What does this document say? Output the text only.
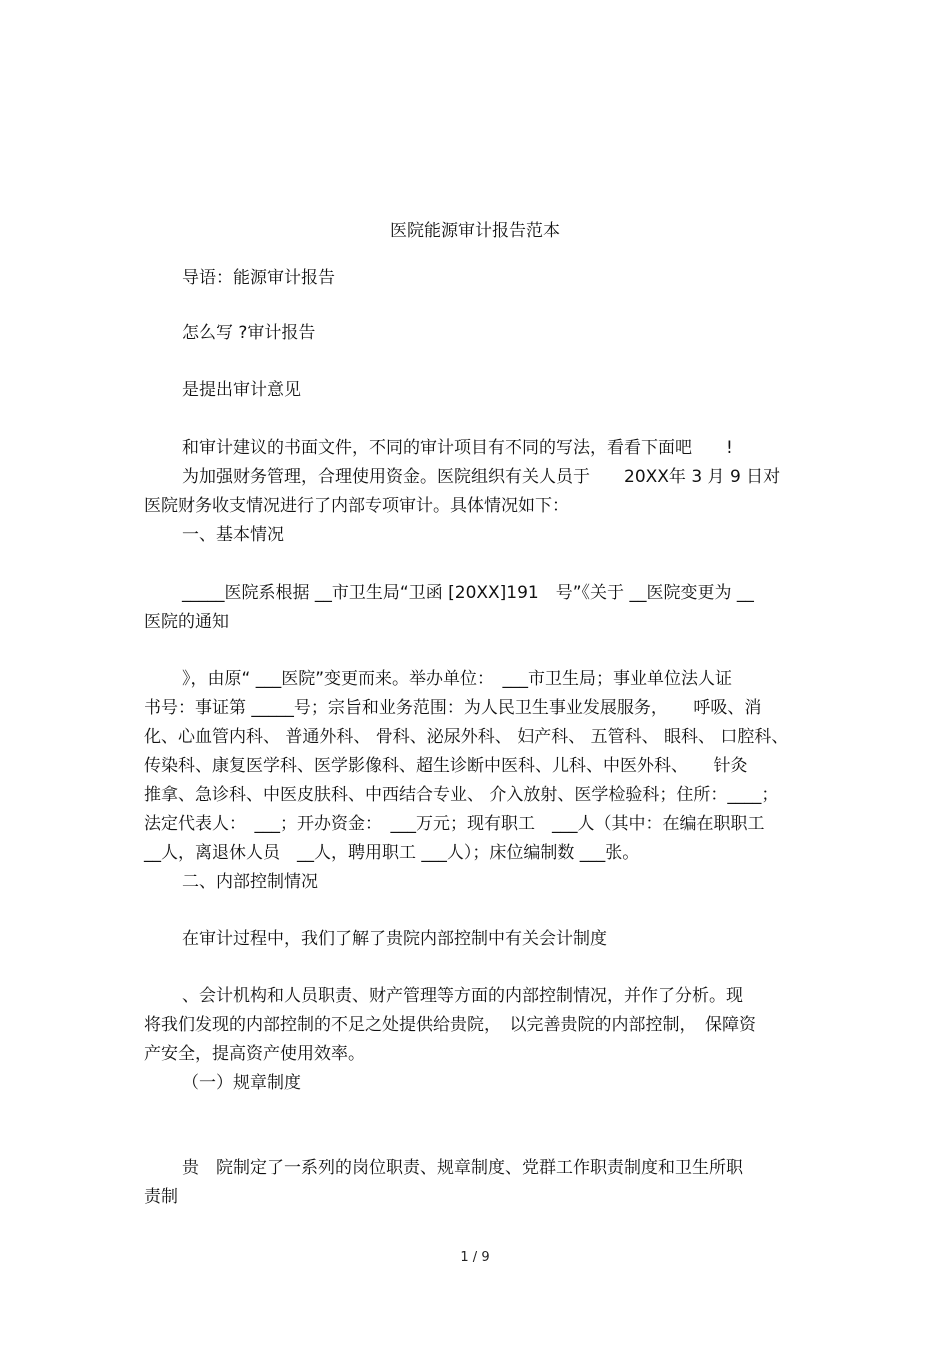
医院能源审计报告范本

导语：能源审计报告

怎么写 ?审计报告

是提出审计意见

和审计建议的书面文件，不同的审计项目有不同的写法，看看下面吧　　!

为加强财务管理，合理使用资金。医院组织有关人员于　　20XX年 3 月 9 日对

医院财务收支情况进行了内部专项审计。具体情况如下：

一、基本情况

_____医院系根据 __市卫生局“卫函 [20XX]191　号”《关于 __医院变更为 __

医院的通知

》，由原“ ___医院”变更而来。举办单位：　___市卫生局；事业单位法人证

书号：事证第 _____号；宗旨和业务范围：为人民卫生事业发展服务，　　呼吸、消

化、心血管内科、 普通外科、 骨科、泌尿外科、 妇产科、 五管科、 眼科、 口腔科、

传染科、康复医学科、医学影像科、超生诊断中医科、儿科、中医外科、　　针灸

推拿、急诊科、中医皮肤科、中西结合专业、 介入放射、医学检验科；住所：____；

法定代表人：　___；开办资金：　___万元；现有职工　___人（其中：在编在职职工

__人，离退休人员　__人，聘用职工 ___人）；床位编制数 ___张。

二、内部控制情况

在审计过程中，我们了解了贵院内部控制中有关会计制度

、会计机构和人员职责、财产管理等方面的内部控制情况，并作了分析。现

将我们发现的内部控制的不足之处提供给贵院，　以完善贵院的内部控制，　保障资

产安全，提高资产使用效率。

（一）规章制度

贵　院制定了一系列的岗位职责、规章制度、党群工作职责制度和卫生所职

责制

1 / 9
